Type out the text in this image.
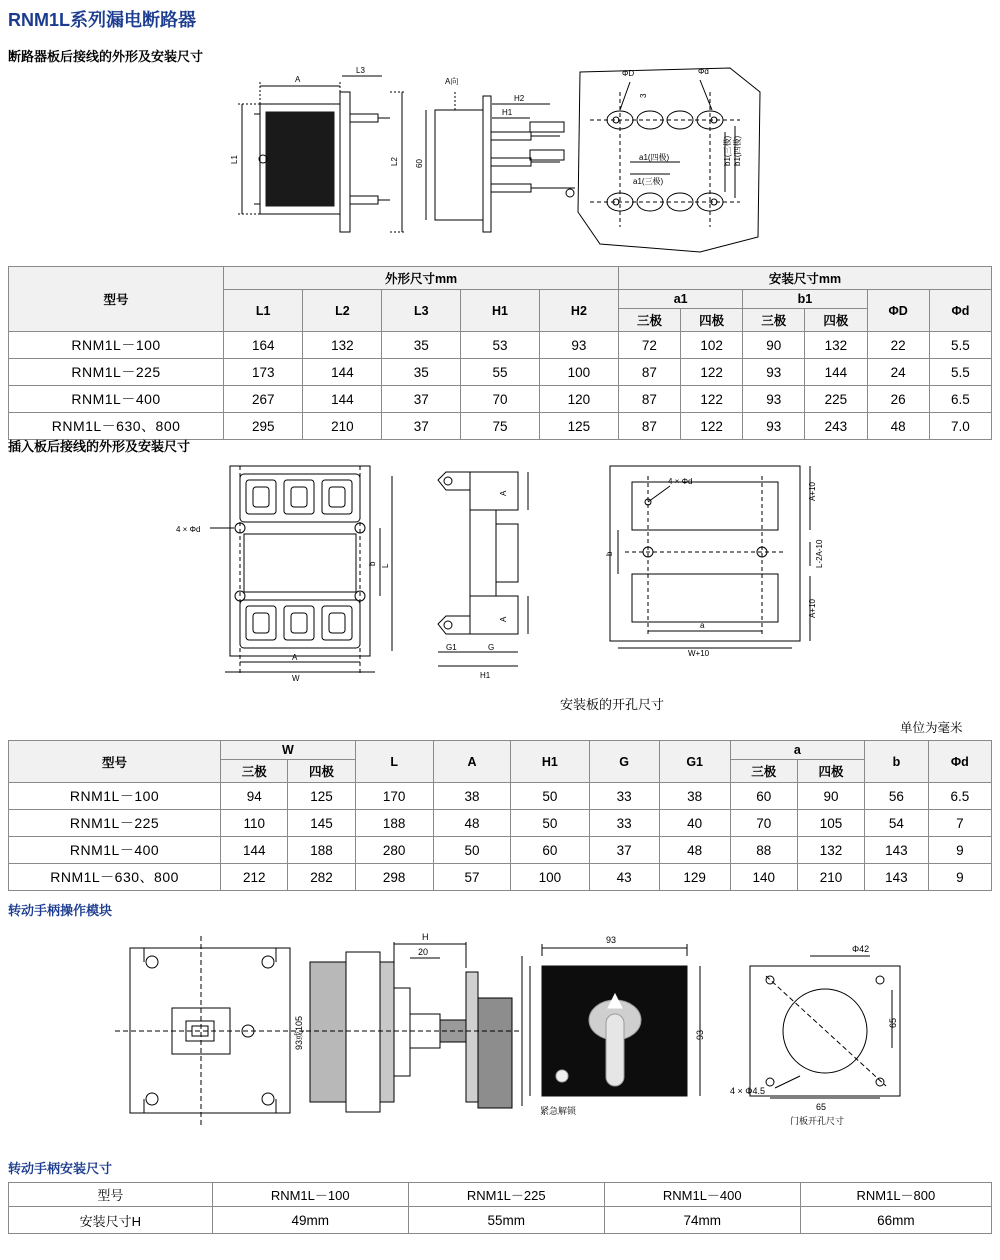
RNM1L系列漏电断路器
断路器板后接线的外形及安装尺寸
A
L3
L1	L2
A向
H2
H1
60
ΦD	Φd
3
a1(四极)
a1(三极)
b1(三极) b1(四极)
型号	外形尺寸mm					安装尺寸mm					
	L1	L2	L3	H1	H2	a1		b1		ΦD	Φd
						三极	四极	三极	四极		
RNM1L－100	164	132	35	53	93	72	102	90	132	22	5.5
RNM1L－225	173	144	35	55	100	87	122	93	144	24	5.5
RNM1L－400	267	144	37	70	120	87	122	93	225	26	6.5
RNM1L－630、800	295	210	37	75	125	87	122	93	243	48	7.0
插入板后接线的外形及安装尺寸
4 × Φd
A
W
b L
A
A
G1	G
H1
4 × Φd
b
a
W+10
A+10
A+10
L-2A-10
安装板的开孔尺寸
单位为毫米
型号	W		L	A	H1	G	G1	a		b	Φd
	三极	四极						三极	四极		
RNM1L－100	94	125	170	38	50	33	38	60	90	56	6.5
RNM1L－225	110	145	188	48	50	33	40	70	105	54	7
RNM1L－400	144	188	280	50	60	37	48	88	132	143	9
RNM1L－630、800	212	282	298	57	100	43	129	140	210	143	9
转动手柄操作模块
H
20
93或105
93
93
Φ42
65
65
4 × Φ4.5
紧急解锁
门板开孔尺寸
转动手柄安装尺寸
型号	RNM1L－100	RNM1L－225	RNM1L－400	RNM1L－800
安装尺寸H	49mm	55mm	74mm	66mm
